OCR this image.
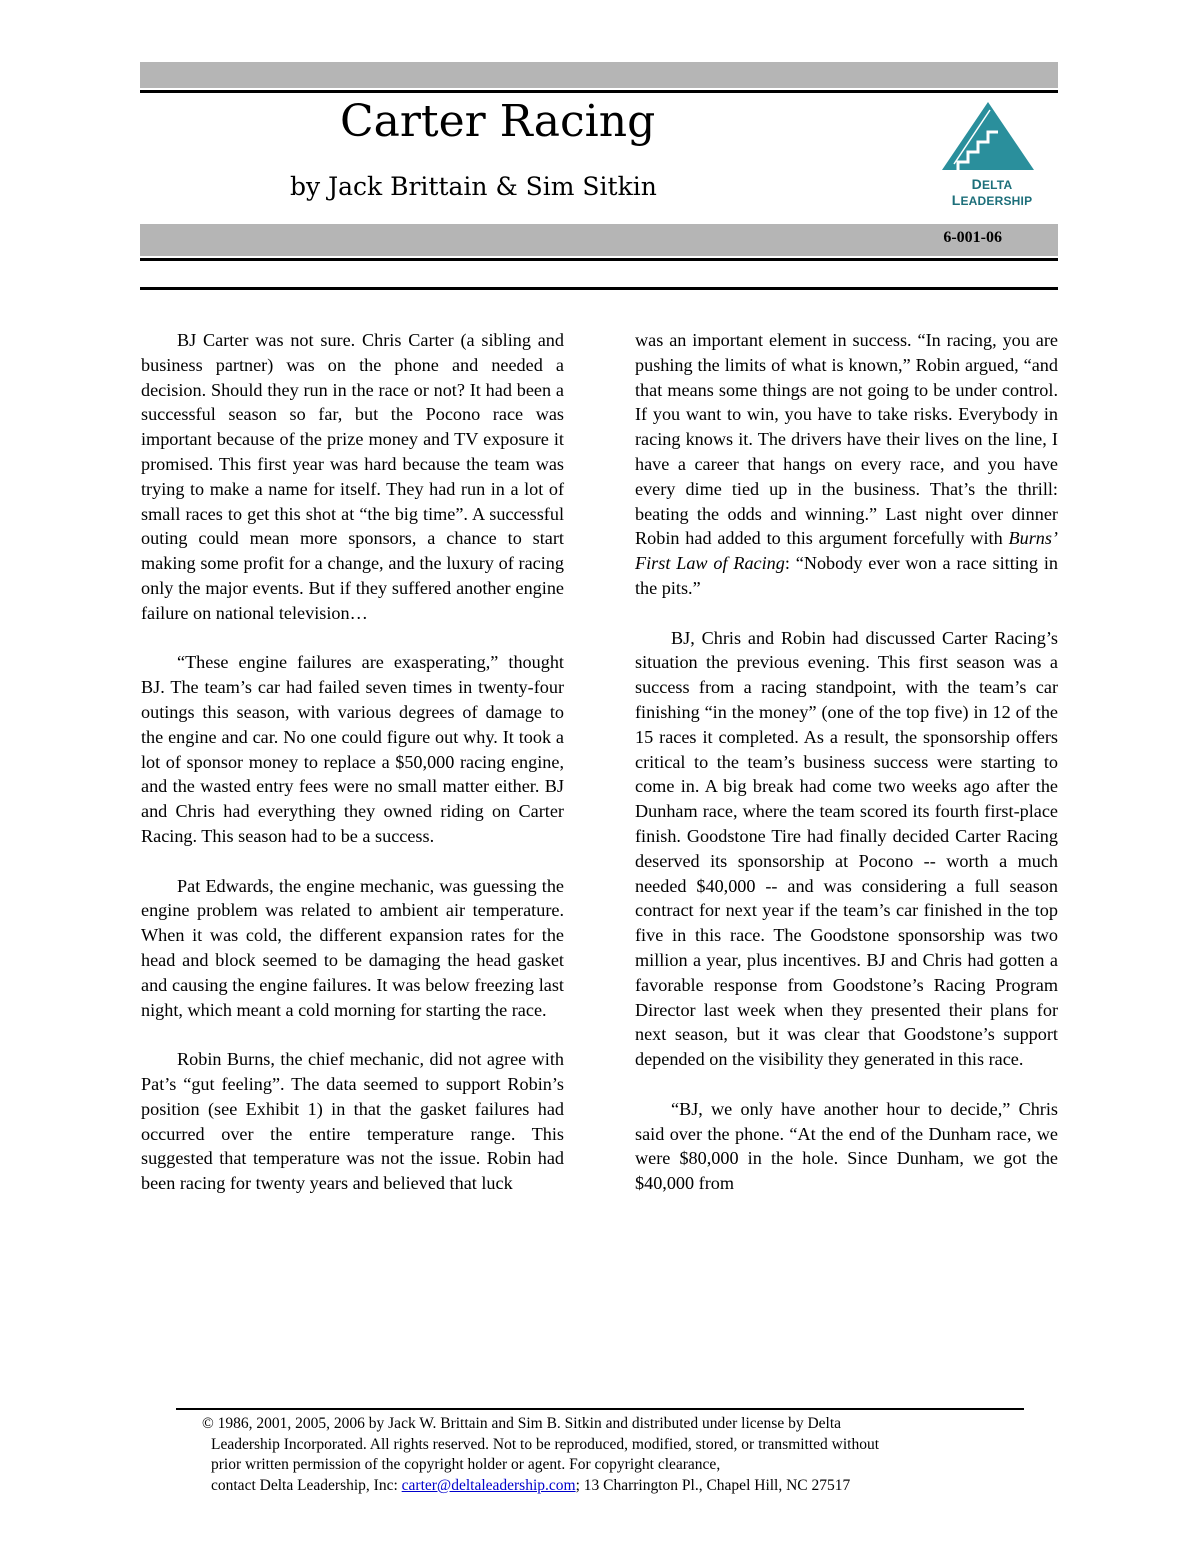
Carter Racing
by Jack Brittain & Sim Sitkin	DELTA LEADERSHIP
6-001-06

BJ Carter was not sure. Chris Carter (a sibling and business partner) was on the phone and needed a decision. Should they run in the race or not? It had been a successful season so far, but the Pocono race was important because of the prize money and TV exposure it promised. This first year was hard because the team was trying to make a name for itself. They had run in a lot of small races to get this shot at “the big time”. A successful outing could mean more sponsors, a chance to start making some profit for a change, and the luxury of racing only the major events. But if they suffered another engine failure on national television…

“These engine failures are exasperating,” thought BJ. The team’s car had failed seven times in twenty-four outings this season, with various degrees of damage to the engine and car. No one could figure out why. It took a lot of sponsor money to replace a $50,000 racing engine, and the wasted entry fees were no small matter either. BJ and Chris had everything they owned riding on Carter Racing. This season had to be a success.

Pat Edwards, the engine mechanic, was guessing the engine problem was related to ambient air temperature. When it was cold, the different expansion rates for the head and block seemed to be damaging the head gasket and causing the engine failures. It was below freezing last night, which meant a cold morning for starting the race.

Robin Burns, the chief mechanic, did not agree with Pat’s “gut feeling”. The data seemed to support Robin’s position (see Exhibit 1) in that the gasket failures had occurred over the entire temperature range. This suggested that temperature was not the issue. Robin had been racing for twenty years and believed that luck

was an important element in success. “In racing, you are pushing the limits of what is known,” Robin argued, “and that means some things are not going to be under control. If you want to win, you have to take risks. Everybody in racing knows it. The drivers have their lives on the line, I have a career that hangs on every race, and you have every dime tied up in the business. That’s the thrill: beating the odds and winning.” Last night over dinner Robin had added to this argument forcefully with Burns’ First Law of Racing: “Nobody ever won a race sitting in the pits.”

BJ, Chris and Robin had discussed Carter Racing’s situation the previous evening. This first season was a success from a racing standpoint, with the team’s car finishing “in the money” (one of the top five) in 12 of the 15 races it completed. As a result, the sponsorship offers critical to the team’s business success were starting to come in. A big break had come two weeks ago after the Dunham race, where the team scored its fourth first-place finish. Goodstone Tire had finally decided Carter Racing deserved its sponsorship at Pocono -- worth a much needed $40,000 -- and was considering a full season contract for next year if the team’s car finished in the top five in this race. The Goodstone sponsorship was two million a year, plus incentives. BJ and Chris had gotten a favorable response from Goodstone’s Racing Program Director last week when they presented their plans for next season, but it was clear that Goodstone’s support depended on the visibility they generated in this race.

“BJ, we only have another hour to decide,” Chris said over the phone. “At the end of the Dunham race, we were $80,000 in the hole. Since Dunham, we got the $40,000 from

© 1986, 2001, 2005, 2006 by Jack W. Brittain and Sim B. Sitkin and distributed under license by Delta
Leadership Incorporated. All rights reserved. Not to be reproduced, modified, stored, or transmitted without
prior written permission of the copyright holder or agent. For copyright clearance,
contact Delta Leadership, Inc: carter@deltaleadership.com; 13 Charrington Pl., Chapel Hill, NC 27517
